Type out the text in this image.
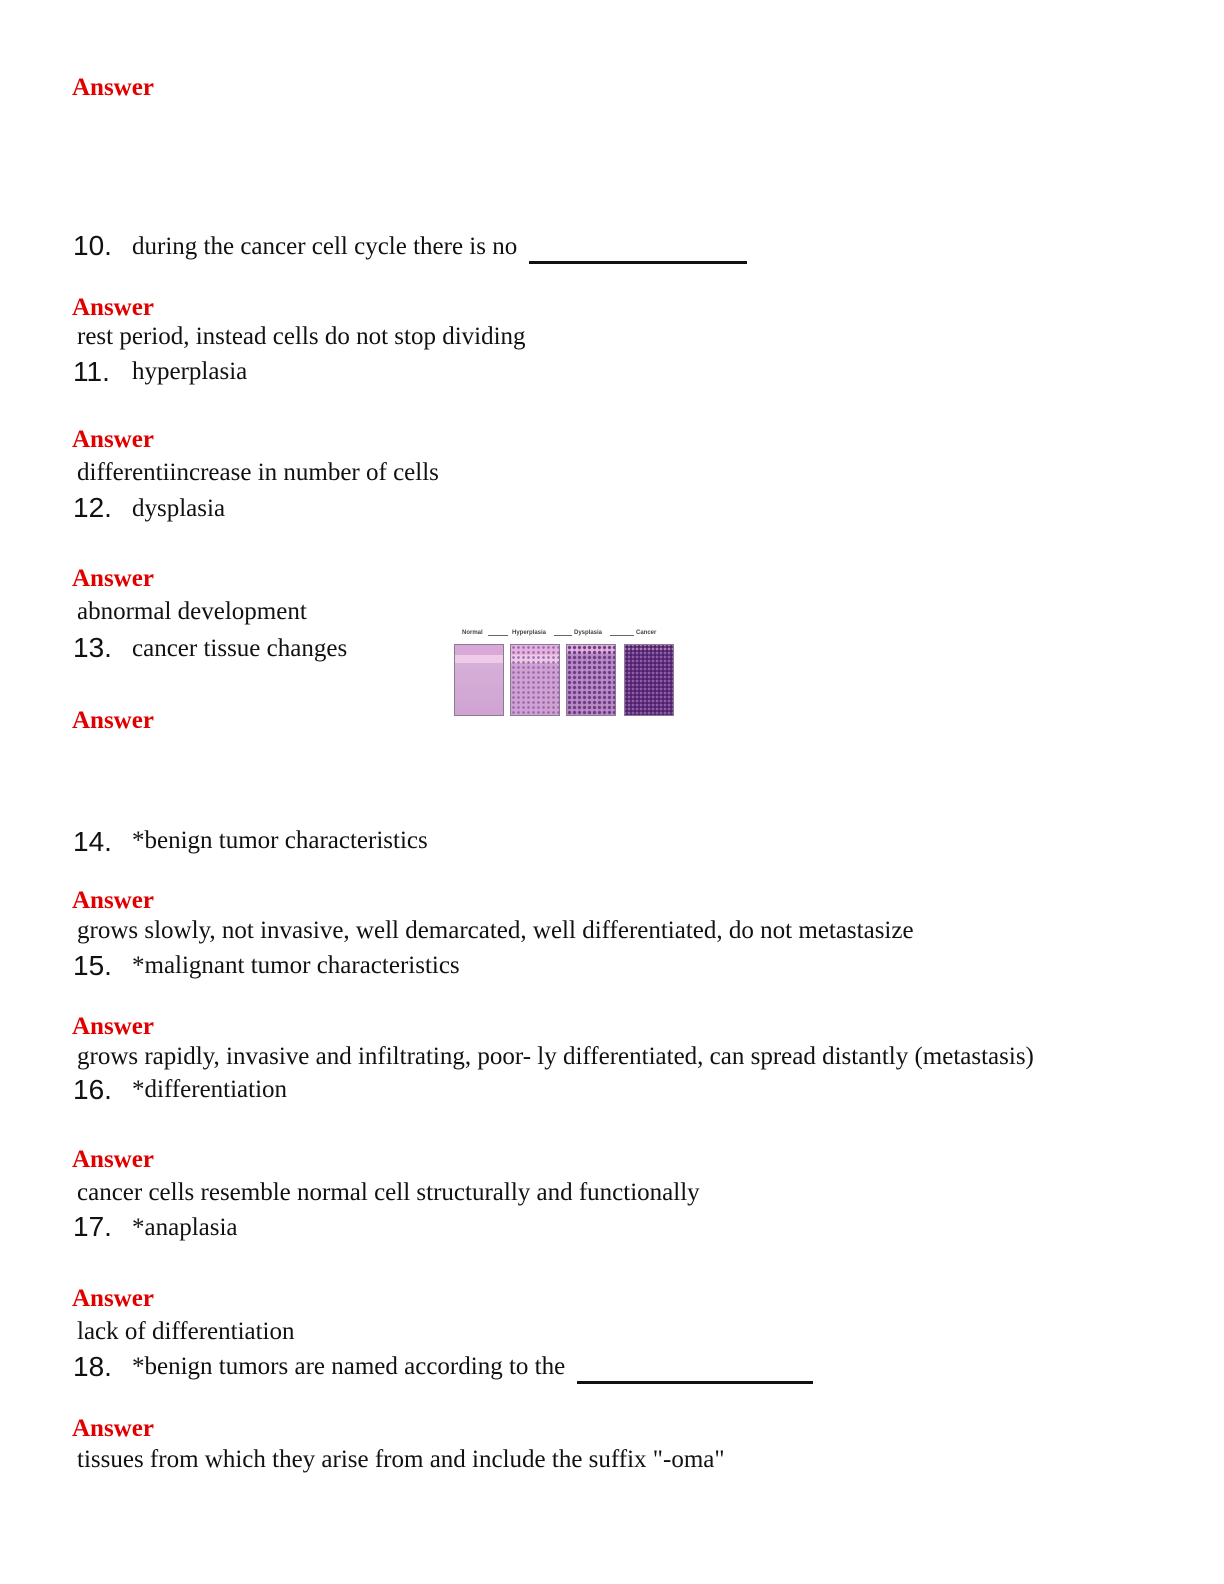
Answer
10. during the cancer cell cycle there is no
Answer
rest period, instead cells do not stop dividing
11. hyperplasia
Answer
differentiincrease in number of cells
12. dysplasia
Answer
abnormal development
13. cancer tissue changes
Answer
Normal	Hyperplasia	Dysplasia	Cancer
14. *benign tumor characteristics
Answer
grows slowly, not invasive, well demarcated, well differentiated, do not metastasize
15. *malignant tumor characteristics
Answer
grows rapidly, invasive and infiltrating, poor- ly differentiated, can spread distantly (metastasis)
16. *differentiation
Answer
cancer cells resemble normal cell structurally and functionally
17. *anaplasia
Answer
lack of differentiation
18. *benign tumors are named according to the
Answer
tissues from which they arise from and include the suffix "-oma"
